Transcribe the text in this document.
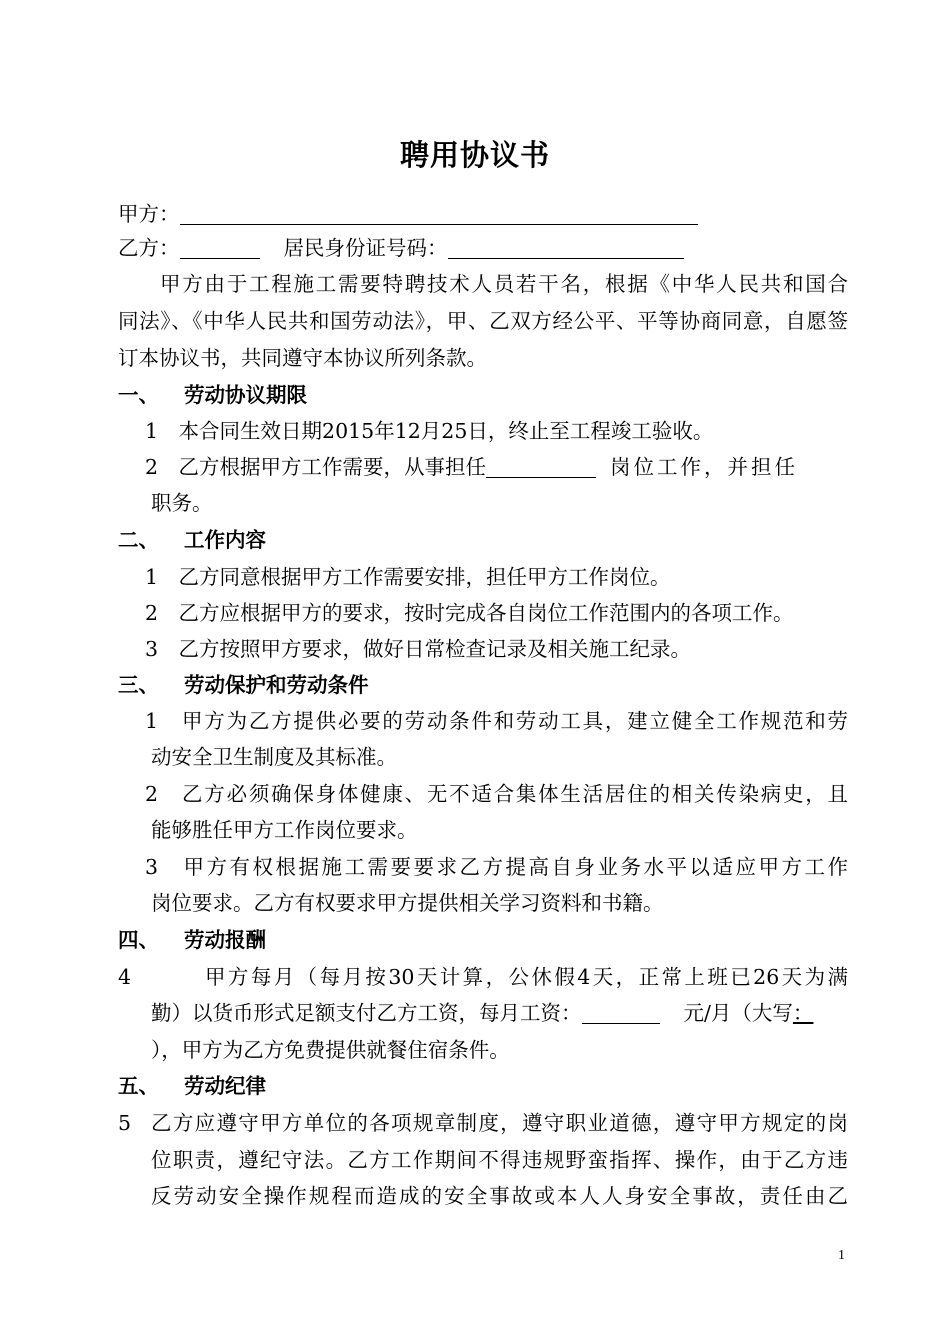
聘用协议书
甲方：
乙方：	居民身份证号码：
甲方由于工程施工需要特聘技术人员若干名，根据《中华人民共和国合
同法》、《中华人民共和国劳动法》，甲、乙双方经公平、平等协商同意，自愿签
订本协议书，共同遵守本协议所列条款。
一、 劳动协议期限
1　本合同生效日期2015年12月25日，终止至工程竣工验收。
2　乙方根据甲方工作需要，从事担任	岗位工作，并担任
职务。
二、 工作内容
1　乙方同意根据甲方工作需要安排，担任甲方工作岗位。
2　乙方应根据甲方的要求，按时完成各自岗位工作范围内的各项工作。
3　乙方按照甲方要求，做好日常检查记录及相关施工纪录。
三、 劳动保护和劳动条件
1　甲方为乙方提供必要的劳动条件和劳动工具，建立健全工作规范和劳
动安全卫生制度及其标准。
2　乙方必须确保身体健康、无不适合集体生活居住的相关传染病史，且
能够胜任甲方工作岗位要求。
3　甲方有权根据施工需要要求乙方提高自身业务水平以适应甲方工作
岗位要求。乙方有权要求甲方提供相关学习资料和书籍。
四、 劳动报酬
4	甲方每月（每月按30天计算，公休假4天，正常上班已26天为满
勤）以货币形式足额支付乙方工资，每月工资：	元/月（大写：
），甲方为乙方免费提供就餐住宿条件。
五、 劳动纪律
5 乙方应遵守甲方单位的各项规章制度，遵守职业道德，遵守甲方规定的岗
位职责，遵纪守法。乙方工作期间不得违规野蛮指挥、操作，由于乙方违
反劳动安全操作规程而造成的安全事故或本人人身安全事故，责任由乙
1
